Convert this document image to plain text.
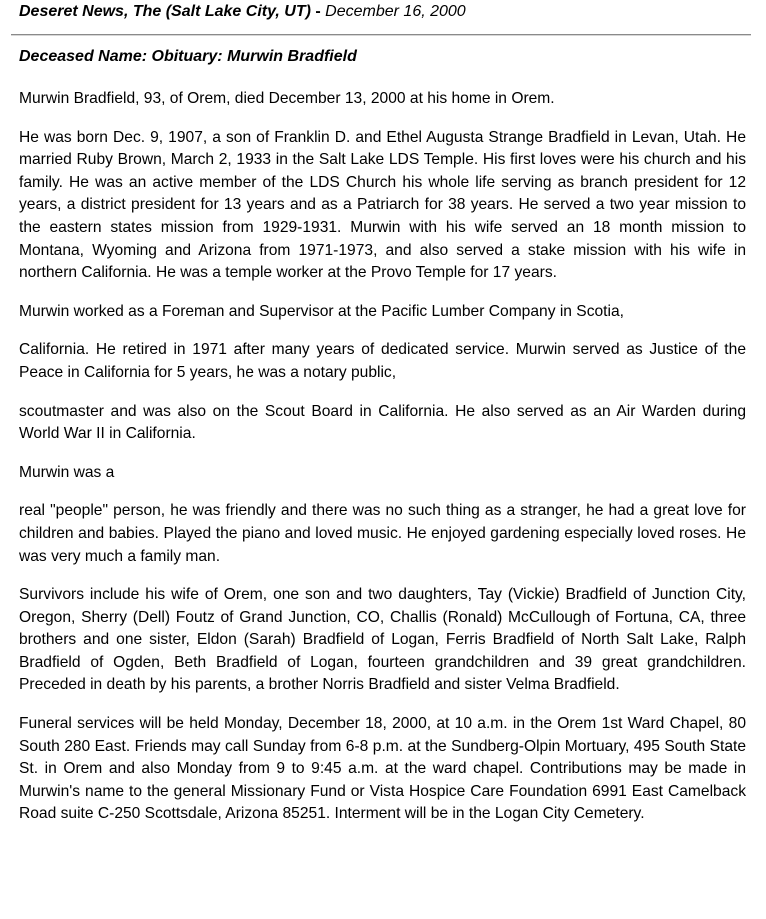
Deseret News, The (Salt Lake City, UT) - December 16, 2000
Deceased Name: Obituary: Murwin Bradfield

Murwin Bradfield, 93, of Orem, died December 13, 2000 at his home in Orem.

He was born Dec. 9, 1907, a son of Franklin D. and Ethel Augusta Strange Bradfield in Levan, Utah. He married Ruby Brown, March 2, 1933 in the Salt Lake LDS Temple. His first loves were his church and his family. He was an active member of the LDS Church his whole life serving as branch president for 12 years, a district president for 13 years and as a Patriarch for 38 years. He served a two year mission to the eastern states mission from 1929-1931. Murwin with his wife served an 18 month mission to Montana, Wyoming and Arizona from 1971-1973, and also served a stake mission with his wife in northern California. He was a temple worker at the Provo Temple for 17 years.

Murwin worked as a Foreman and Supervisor at the Pacific Lumber Company in Scotia,

California. He retired in 1971 after many years of dedicated service. Murwin served as Justice of the Peace in California for 5 years, he was a notary public,

scoutmaster and was also on the Scout Board in California. He also served as an Air Warden during World War II in California.

Murwin was a

real "people" person, he was friendly and there was no such thing as a stranger, he had a great love for children and babies. Played the piano and loved music. He enjoyed gardening especially loved roses. He was very much a family man.

Survivors include his wife of Orem, one son and two daughters, Tay (Vickie) Bradfield of Junction City, Oregon, Sherry (Dell) Foutz of Grand Junction, CO, Challis (Ronald) McCullough of Fortuna, CA, three brothers and one sister, Eldon (Sarah) Bradfield of Logan, Ferris Bradfield of North Salt Lake, Ralph Bradfield of Ogden, Beth Bradfield of Logan, fourteen grandchildren and 39 great grandchildren. Preceded in death by his parents, a brother Norris Bradfield and sister Velma Bradfield.

Funeral services will be held Monday, December 18, 2000, at 10 a.m. in the Orem 1st Ward Chapel, 80 South 280 East. Friends may call Sunday from 6-8 p.m. at the Sundberg-Olpin Mortuary, 495 South State St. in Orem and also Monday from 9 to 9:45 a.m. at the ward chapel. Contributions may be made in Murwin's name to the general Missionary Fund or Vista Hospice Care Foundation 6991 East Camelback Road suite C-250 Scottsdale, Arizona 85251. Interment will be in the Logan City Cemetery.
